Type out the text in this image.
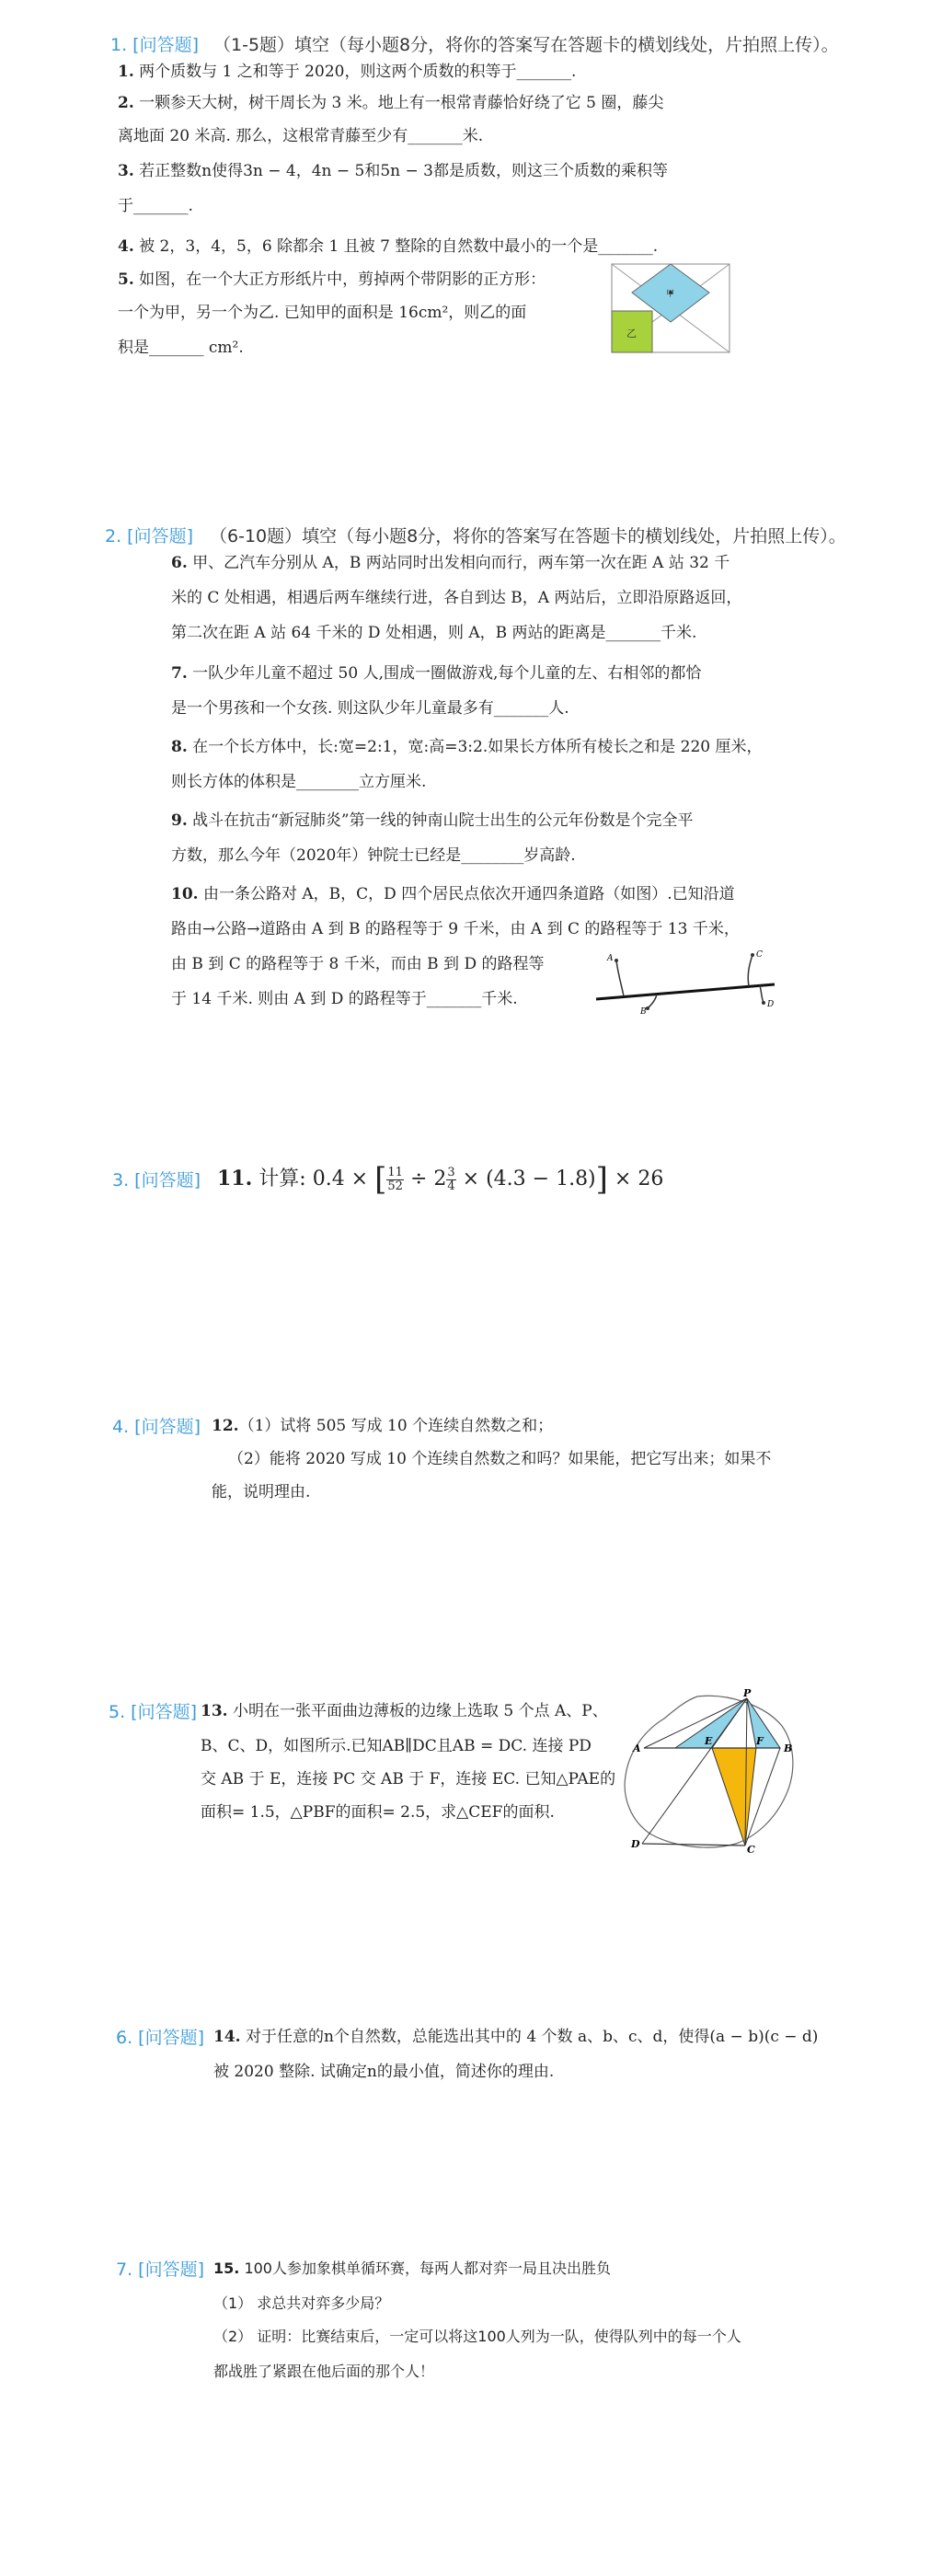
1. [问答题] （1-5题）填空（每小题8分，将你的答案写在答题卡的横划线处，片拍照上传）。
1. 两个质数与 1 之和等于 2020，则这两个质数的积等于_______.
2. 一颗参天大树，树干周长为 3 米。地上有一根常青藤恰好绕了它 5 圈，藤尖
离地面 20 米高. 那么，这根常青藤至少有_______米.
3. 若正整数n使得3n − 4，4n − 5和5n − 3都是质数，则这三个质数的乘积等
于_______.
4. 被 2，3，4，5，6 除都余 1 且被 7 整除的自然数中最小的一个是_______.
5. 如图，在一个大正方形纸片中，剪掉两个带阴影的正方形：
一个为甲，另一个为乙. 已知甲的面积是 16cm²，则乙的面
积是_______ cm².
甲
乙
2. [问答题] （6-10题）填空（每小题8分，将你的答案写在答题卡的横划线处，片拍照上传）。
6. 甲、乙汽车分别从 A，B 两站同时出发相向而行，两车第一次在距 A 站 32 千
米的 C 处相遇，相遇后两车继续行进，各自到达 B，A 两站后，立即沿原路返回，
第二次在距 A 站 64 千米的 D 处相遇，则 A，B 两站的距离是_______千米.
7. 一队少年儿童不超过 50 人,围成一圈做游戏,每个儿童的左、右相邻的都恰
是一个男孩和一个女孩. 则这队少年儿童最多有_______人.
8. 在一个长方体中，长:宽=2:1，宽:高=3:2.如果长方体所有棱长之和是 220 厘米，
则长方体的体积是________立方厘米.
9. 战斗在抗击“新冠肺炎”第一线的钟南山院士出生的公元年份数是个完全平
方数，那么今年（2020年）钟院士已经是________岁高龄.
10. 由一条公路对 A，B，C，D 四个居民点依次开通四条道路（如图）.已知沿道
路由→公路→道路由 A 到 B 的路程等于 9 千米，由 A 到 C 的路程等于 13 千米，
由 B 到 C 的路程等于 8 千米，而由 B 到 D 的路程等
于 14 千米. 则由 A 到 D 的路程等于_______千米.
A
B
C
D
3. [问答题] 11. 计算: 0.4 × [ $\frac{11}{52} \div 2 \frac{3}{4} \times (4.3 - 1.8)] \times 26$
4. [问答题] 12.（1）试将 505 写成 10 个连续自然数之和；
（2）能将 2020 写成 10 个连续自然数之和吗？如果能，把它写出来；如果不
能，说明理由.
5. [问答题] 13. 小明在一张平面曲边薄板的边缘上选取 5 个点 A、P、
B、C、D，如图所示.已知AB∥DC且AB = DC. 连接 PD
交 AB 于 E，连接 PC 交 AB 于 F，连接 EC. 已知△PAE的
面积= 1.5，△PBF的面积= 2.5，求△CEF的面积.
P
A
E	F
B
D	C
6. [问答题] 14. 对于任意的n个自然数，总能选出其中的 4 个数 a、b、c、d，使得(a − b)(c − d)
被 2020 整除. 试确定n的最小值，简述你的理由.
7. [问答题] 15. 100人参加象棋单循环赛，每两人都对弈一局且决出胜负
（1） 求总共对弈多少局？
（2） 证明：比赛结束后，一定可以将这100人列为一队，使得队列中的每一个人
都战胜了紧跟在他后面的那个人！
